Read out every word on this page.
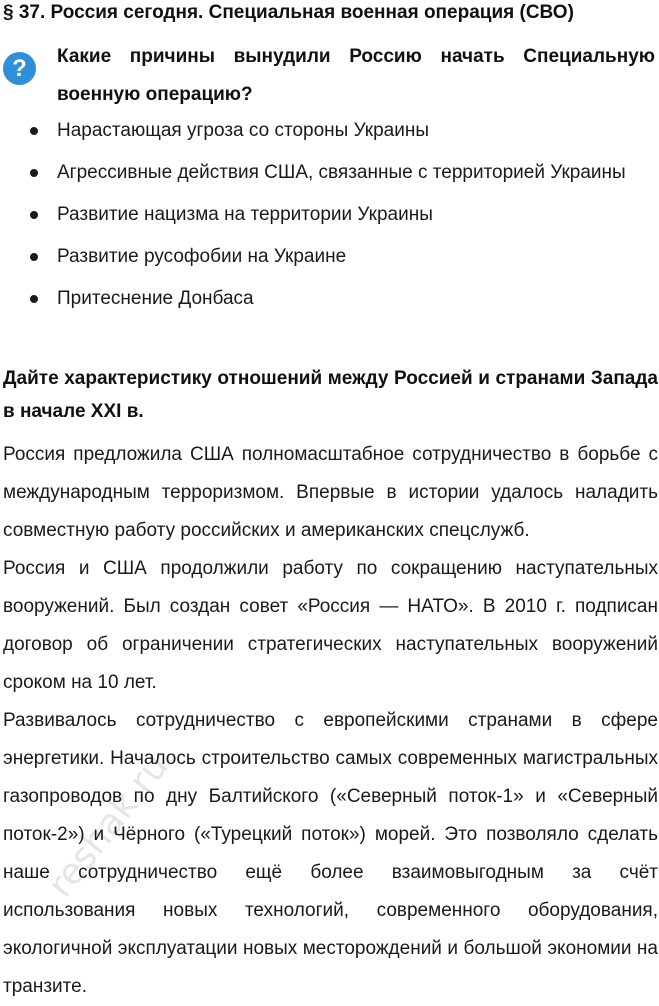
§ 37. Россия сегодня. Специальная военная операция (СВО)
?	Какие причины вынудили Россию начать Специальную военную операцию?
Нарастающая угроза со стороны Украины
Агрессивные действия США, связанные с территорией Украины
Развитие нацизма на территории Украины
Развитие русофобии на Украине
Притеснение Донбаса
Дайте характеристику отношений между Россией и странами Запада в начале XXI в.

Россия предложила США полномасштабное сотрудничество в борьбе с международным терроризмом. Впервые в истории удалось наладить совместную работу российских и американских спецслужб.

Россия и США продолжили работу по сокращению наступательных вооружений. Был создан совет «Россия — НАТО». В 2010 г. подписан договор об ограничении стратегических наступательных вооружений сроком на 10 лет.

Развивалось сотрудничество с европейскими странами в сфере энергетики. Началось строительство самых современных магистральных газопроводов по дну Балтийского («Северный поток-1» и «Северный поток-2») и Чёрного («Турецкий поток») морей. Это позволяло сделать наше сотрудничество ещё более взаимовыгодным за счёт использования новых технологий, современного оборудования, экологичной эксплуатации новых месторождений и большой экономии на транзите.

reshak.ru
